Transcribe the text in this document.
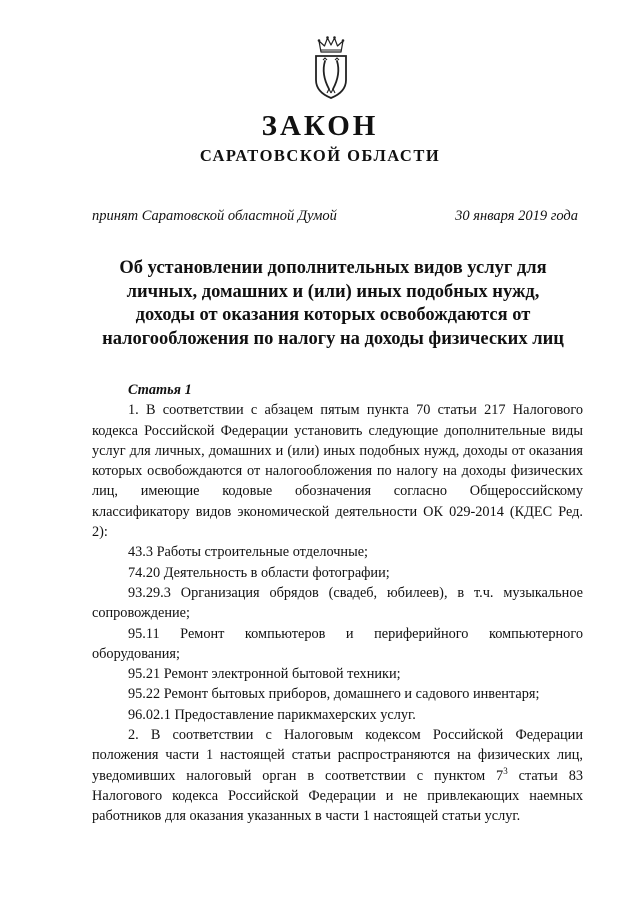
ЗАКОН
САРАТОВСКОЙ ОБЛАСТИ
принят Саратовской областной Думой	30 января 2019 года
Об установлении дополнительных видов услуг для
личных, домашних и (или) иных подобных нужд,
доходы от оказания которых освобождаются от
налогообложения по налогу на доходы физических лиц

Статья 1

1. В соответствии с абзацем пятым пункта 70 статьи 217 Налогового кодекса Российской Федерации установить следующие дополнительные виды услуг для личных, домашних и (или) иных подобных нужд, доходы от оказания которых освобождаются от налогообложения по налогу на доходы физических лиц, имеющие кодовые обозначения согласно Общероссийскому классификатору видов экономической деятельности ОК 029-2014 (КДЕС Ред. 2):

43.3 Работы строительные отделочные;

74.20 Деятельность в области фотографии;

93.29.3 Организация обрядов (свадеб, юбилеев), в т.ч. музыкальное сопровождение;

95.11 Ремонт компьютеров и периферийного компьютерного оборудования;

95.21 Ремонт электронной бытовой техники;

95.22 Ремонт бытовых приборов, домашнего и садового инвентаря;

96.02.1 Предоставление парикмахерских услуг.

2. В соответствии с Налоговым кодексом Российской Федерации положения части 1 настоящей статьи распространяются на физических лиц, уведомивших налоговый орган в соответствии с пунктом $7^3$ статьи 83 Налогового кодекса Российской Федерации и не привлекающих наемных работников для оказания указанных в части 1 настоящей статьи услуг.
